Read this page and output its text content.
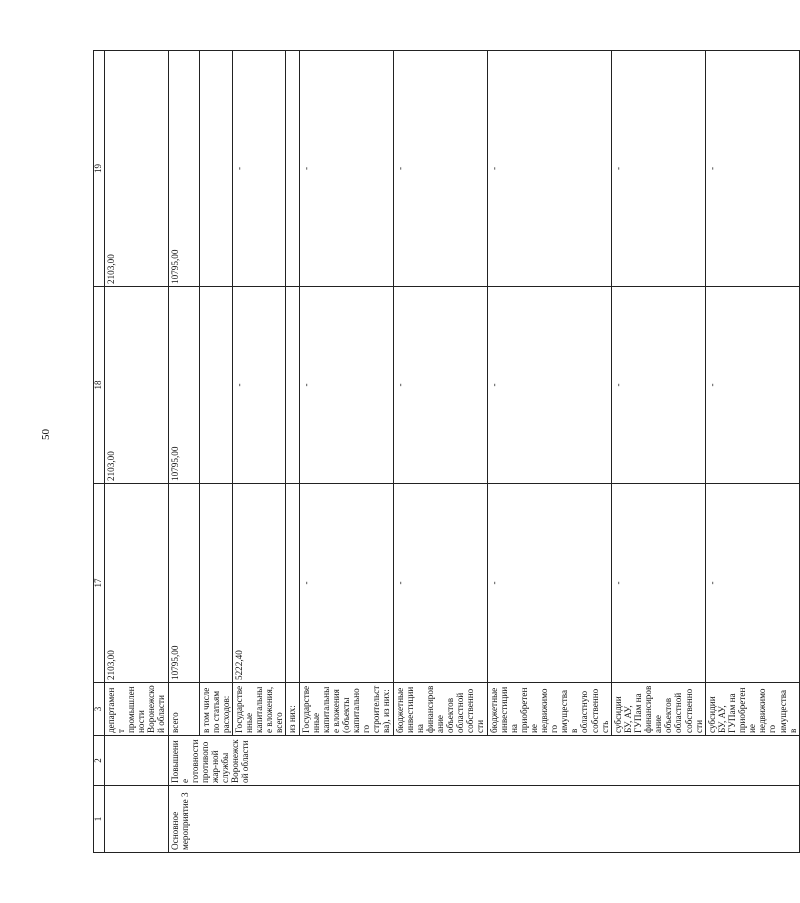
50
1	2	3	17	18	19
		департамент промышленности Воронежской области	2103,00	2103,00	2103,00
Основное мероприятие 3	Повышение готовности противопожар-ной службы Воронежской области	всего	10795,00	10795,00	10795,00
		в том числе по статьям расходов:			
		Государственные капитальные вложения, всего	5222,40	-	-
		из них:			
		Государственные капитальные вложения (объекты капитального строительства), из них:	-	-	-
		бюджетные инвестиции на финансирование объектов областной собственности	-	-	-
		бюджетные инвестиции на приобретение недвижимого имущества в областную собственность	-	-	-
		субсидии БУ, АУ, ГУПам на финансирование объектов областной собственности	-	-	-
		субсидии БУ, АУ, ГУПам на приобретение недвижимого имущества в	-	-	-
